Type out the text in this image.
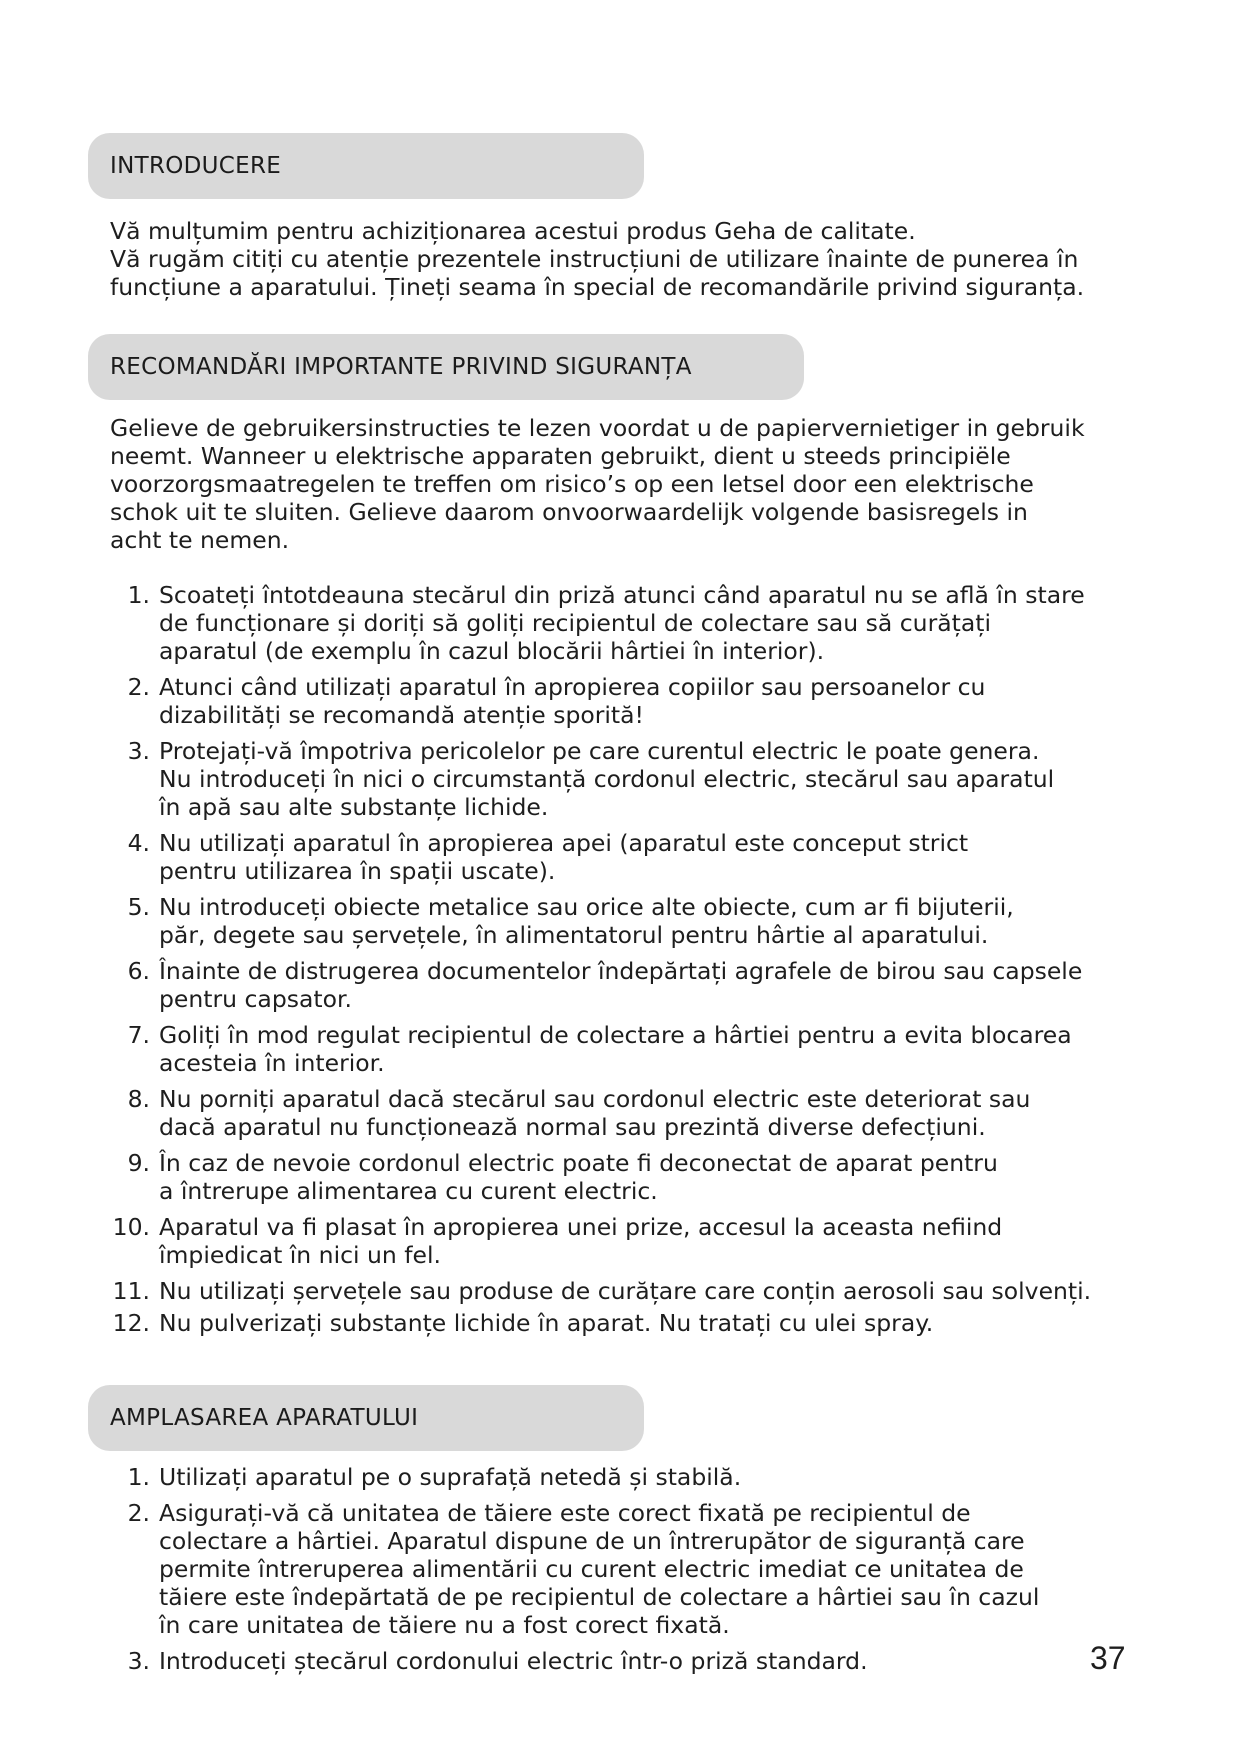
INTRODUCERE

Vă mulțumim pentru achiziționarea acestui produs Geha de calitate.
Vă rugăm citiți cu atenție prezentele instrucțiuni de utilizare înainte de punerea în
funcțiune a aparatului. Țineți seama în special de recomandările privind siguranța.

RECOMANDĂRI IMPORTANTE PRIVIND SIGURANȚA

Gelieve de gebruikersinstructies te lezen voordat u de papiervernietiger in gebruik
neemt. Wanneer u elektrische apparaten gebruikt, dient u steeds principiële
voorzorgsmaatregelen te treffen om risico’s op een letsel door een elektrische
schok uit te sluiten. Gelieve daarom onvoorwaardelijk volgende basisregels in
acht te nemen.

1. Scoateți întotdeauna stecărul din priză atunci când aparatul nu se află în stare
de funcționare și doriți să goliți recipientul de colectare sau să curățați
aparatul (de exemplu în cazul blocării hârtiei în interior).
2. Atunci când utilizați aparatul în apropierea copiilor sau persoanelor cu
dizabilități se recomandă atenție sporită!
3. Protejați-vă împotriva pericolelor pe care curentul electric le poate genera.
Nu introduceți în nici o circumstanță cordonul electric, stecărul sau aparatul
în apă sau alte substanțe lichide.
4. Nu utilizați aparatul în apropierea apei (aparatul este conceput strict
pentru utilizarea în spații uscate).
5. Nu introduceți obiecte metalice sau orice alte obiecte, cum ar fi bijuterii,
păr, degete sau șervețele, în alimentatorul pentru hârtie al aparatului.
6. Înainte de distrugerea documentelor îndepărtați agrafele de birou sau capsele
pentru capsator.
7. Goliți în mod regulat recipientul de colectare a hârtiei pentru a evita blocarea
acesteia în interior.
8. Nu porniți aparatul dacă stecărul sau cordonul electric este deteriorat sau
dacă aparatul nu funcționează normal sau prezintă diverse defecțiuni.
9. În caz de nevoie cordonul electric poate fi deconectat de aparat pentru
a întrerupe alimentarea cu curent electric.
10. Aparatul va fi plasat în apropierea unei prize, accesul la aceasta nefiind
împiedicat în nici un fel.
11. Nu utilizați șervețele sau produse de curățare care conțin aerosoli sau solvenți.
12. Nu pulverizați substanțe lichide în aparat. Nu tratați cu ulei spray.
AMPLASAREA APARATULUI
1. Utilizați aparatul pe o suprafață netedă și stabilă.
2. Asigurați-vă că unitatea de tăiere este corect fixată pe recipientul de
colectare a hârtiei. Aparatul dispune de un întrerupător de siguranță care
permite întreruperea alimentării cu curent electric imediat ce unitatea de
tăiere este îndepărtată de pe recipientul de colectare a hârtiei sau în cazul
în care unitatea de tăiere nu a fost corect fixată.
3. Introduceți ștecărul cordonului electric într-o priză standard.	37
